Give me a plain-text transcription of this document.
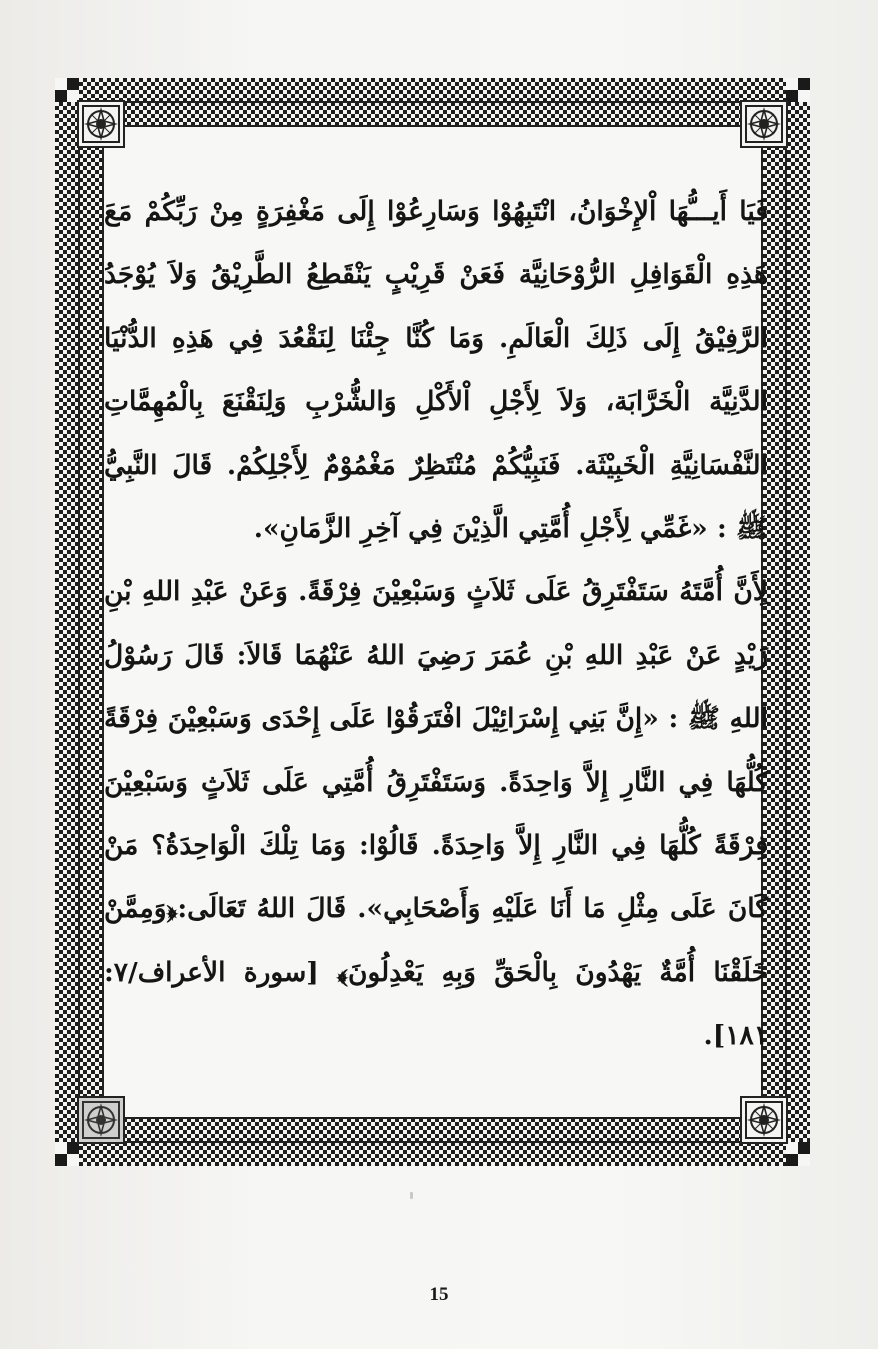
فَيَا أَيـــُّهَا اْلإِخْوَانُ، انْتَبِهُوْا وَسَارِعُوْا إِلَى مَغْفِرَةٍ مِنْ رَبِّكُمْ مَعَ هَذِهِ الْقَوَافِلِ الرُّوْحَانِيَّة فَعَنْ قَرِيْبٍ يَنْقَطِعُ الطَّرِيْقُ وَلاَ يُوْجَدُ الرَّفِيْقُ إِلَى ذَلِكَ الْعَالَمِ. وَمَا كُنَّا جِئْنَا لِنَقْعُدَ فِي هَذِهِ الدُّنْيَا الدَّنِيَّة الْخَرَّابَة، وَلاَ لِأَجْلِ اْلأَكْلِ وَالشُّرْبِ وَلِنَقْنَعَ بِالْمُهِمَّاتِ النَّفْسَانِيَّةِ الْخَبِيْثَة. فَنَبِيُّكُمْ مُنْتَظِرٌ مَغْمُوْمٌ لِأَجْلِكُمْ. قَالَ النَّبِيُّ ﷺ : «غَمِّي لِأَجْلِ أُمَّتِي الَّذِيْنَ فِي آخِرِ الزَّمَانِ».

لِأَنَّ أُمَّتَهُ سَتَفْتَرِقُ عَلَى ثَلاَثٍ وَسَبْعِيْنَ فِرْقَةً. وَعَنْ عَبْدِ اللهِ بْنِ زَيْدٍ عَنْ عَبْدِ اللهِ بْنِ عُمَرَ رَضِيَ اللهُ عَنْهُمَا قَالاَ: قَالَ رَسُوْلُ اللهِ ﷺ : «إِنَّ بَنِي إِسْرَائِيْلَ افْتَرَقُوْا عَلَى إِحْدَى وَسَبْعِيْنَ فِرْقَةً كُلُّهَا فِي النَّارِ إِلاَّ وَاحِدَةً. وَسَتَفْتَرِقُ أُمَّتِي عَلَى ثَلاَثٍ وَسَبْعِيْنَ فِرْقَةً كُلُّهَا فِي النَّارِ إِلاَّ وَاحِدَةً. قَالُوْا: وَمَا تِلْكَ الْوَاحِدَةُ؟ مَنْ كَانَ عَلَى مِثْلِ مَا أَنَا عَلَيْهِ وَأَصْحَابِي». قَالَ اللهُ تَعَالَى:﴿وَمِمَّنْ خَلَقْنَا أُمَّةٌ يَهْدُونَ بِالْحَقِّ وَبِهِ يَعْدِلُونَ﴾ [سورة الأعراف/٧: ١٨١].

15
